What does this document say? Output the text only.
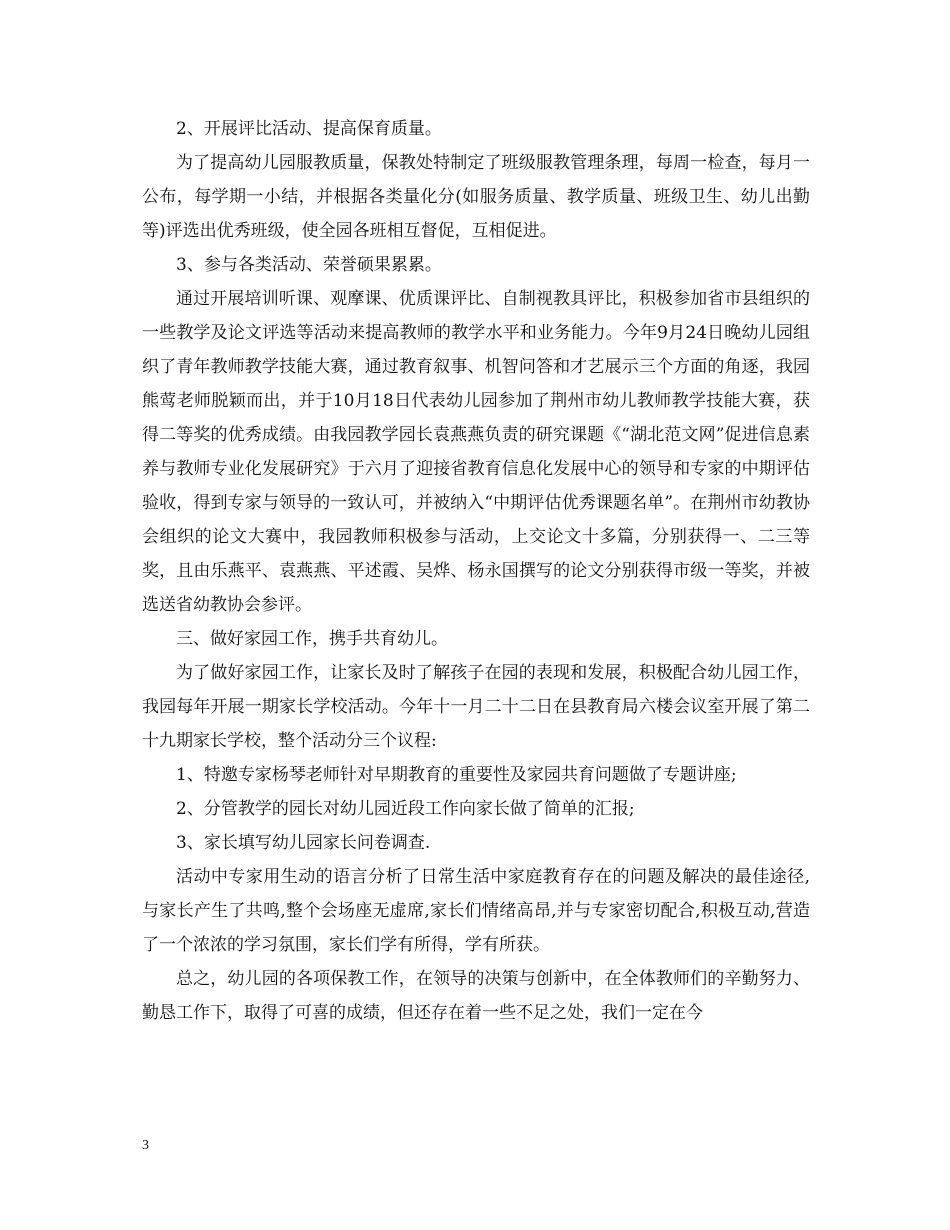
2、开展评比活动、提高保育质量。

为了提高幼儿园服教质量，保教处特制定了班级服教管理条理，每周一检查，每月一公布，每学期一小结，并根据各类量化分(如服务质量、教学质量、班级卫生、幼儿出勤等)评选出优秀班级，使全园各班相互督促，互相促进。

3、参与各类活动、荣誉硕果累累。

通过开展培训听课、观摩课、优质课评比、自制视教具评比，积极参加省市县组织的一些教学及论文评选等活动来提高教师的教学水平和业务能力。今年9月24日晚幼儿园组织了青年教师教学技能大赛，通过教育叙事、机智问答和才艺展示三个方面的角逐，我园熊莺老师脱颖而出，并于10月18日代表幼儿园参加了荆州市幼儿教师教学技能大赛，获得二等奖的优秀成绩。由我园教学园长袁燕燕负责的研究课题《“湖北范文网”促进信息素养与教师专业化发展研究》于六月了迎接省教育信息化发展中心的领导和专家的中期评估验收，得到专家与领导的一致认可，并被纳入“中期评估优秀课题名单”。在荆州市幼教协会组织的论文大赛中，我园教师积极参与活动，上交论文十多篇，分别获得一、二三等奖，且由乐燕平、袁燕燕、平述霞、吴烨、杨永国撰写的论文分别获得市级一等奖，并被选送省幼教协会参评。

三、做好家园工作，携手共育幼儿。

为了做好家园工作，让家长及时了解孩子在园的表现和发展，积极配合幼儿园工作，我园每年开展一期家长学校活动。今年十一月二十二日在县教育局六楼会议室开展了第二十九期家长学校，整个活动分三个议程:

1、特邀专家杨琴老师针对早期教育的重要性及家园共育问题做了专题讲座;

2、分管教学的园长对幼儿园近段工作向家长做了简单的汇报;

3、家长填写幼儿园家长问卷调查.

活动中专家用生动的语言分析了日常生活中家庭教育存在的问题及解决的最佳途径,与家长产生了共鸣,整个会场座无虚席,家长们情绪高昂,并与专家密切配合,积极互动,营造了一个浓浓的学习氛围，家长们学有所得，学有所获。

总之，幼儿园的各项保教工作，在领导的决策与创新中，在全体教师们的辛勤努力、勤恳工作下，取得了可喜的成绩，但还存在着一些不足之处，我们一定在今

3
